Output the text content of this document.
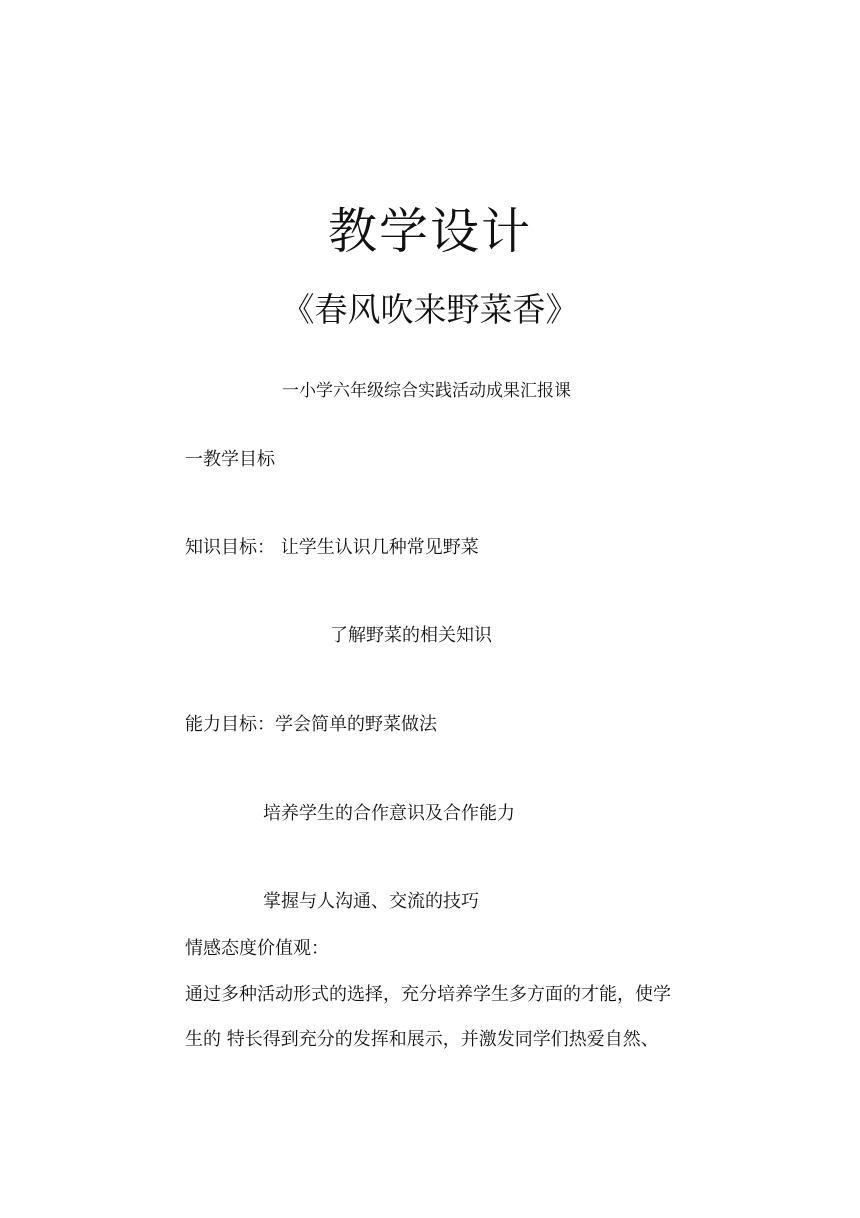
教学设计
《春风吹来野菜香》
一小学六年级综合实践活动成果汇报课
一教学目标
知识目标： 让学生认识几种常见野菜
了解野菜的相关知识
能力目标：学会简单的野菜做法
培养学生的合作意识及合作能力
掌握与人沟通、交流的技巧
情感态度价值观：
通过多种活动形式的选择，充分培养学生多方面的才能，使学
生的 特长得到充分的发挥和展示，并激发同学们热爱自然、
